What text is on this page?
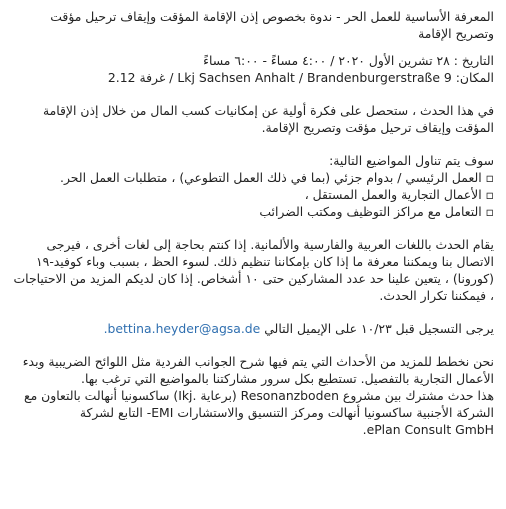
المعرفة الأساسية للعمل الحر - ندوة بخصوص إذن الإقامة المؤقت وإيقاف ترحيل مؤقت وتصريح الإقامة

التاريخ : ٢٨ تشرين الأول ٢٠٢٠ / ٤:٠٠ مساءً - ٦:٠٠ مساءً

المكان: Lkj Sachsen Anhalt / Brandenburgerstraße 9 / غرفة 2.12

في هذا الحدث ، ستحصل على فكرة أولية عن إمكانيات كسب المال من خلال إذن الإقامة المؤقت وإيقاف ترحيل مؤقت وتصريح الإقامة.

سوف يتم تناول المواضيع التالية:

▫ العمل الرئيسي / بدوام جزئي (بما في ذلك العمل التطوعي) ، متطلبات العمل الحر.

▫ الأعمال التجارية والعمل المستقل ،

▫ التعامل مع مراكز التوظيف ومكتب الضرائب

يقام الحدث باللغات العربية والفارسية والألمانية. إذا كنتم بحاجة إلى لغات أخرى ، فيرجى الاتصال بنا ويمكننا معرفة ما إذا كان بإمكاننا تنظيم ذلك. لسوء الحظ ، بسبب وباء كوفيد-١٩ (كورونا) ، يتعين علينا حد عدد المشاركين حتى ١٠ أشخاص. إذا كان لديكم المزيد من الاحتياجات ، فيمكننا تكرار الحدث.

يرجى التسجيل قبل ١٠/٢٣ على الإيميل التالي .bettina.heyder@agsa.de

نحن نخطط للمزيد من الأحداث التي يتم فيها شرح الجوانب الفردية مثل اللوائح الضريبية وبدء الأعمال التجارية بالتفصيل. تستطيع بكل سرور مشاركتنا بالمواضيع التي ترغب بها.

هذا حدث مشترك بين مشروع Resonanzboden (برعاية .Ikj) ساكسونيا أنهالت بالتعاون مع الشركة الأجنبية ساكسونيا أنهالت ومركز التنسيق والاستشارات EMI- التابع لشركة

ePlan Consult GmbH.
